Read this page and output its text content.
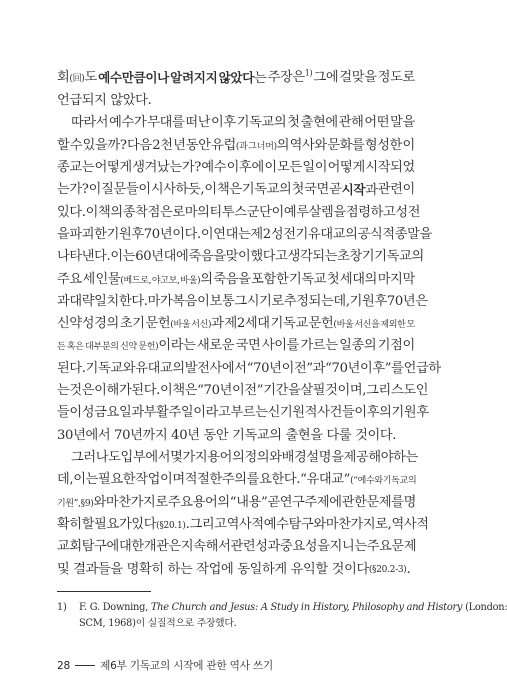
회(回)도 예수만큼이나 알려지지 않았다는 주장은$^{1)}$ 그에 걸맞을 정도로
언급되지 않았다.
따라서 예수가 무대를 떠난 이후 기독교의 첫 출현에 관해 어떤 말을
할 수 있을까? 다음 2천 년 동안 유럽(과 그 너머)의 역사와 문화를 형성한 이
종교는 어떻게 생겨났는가? 예수 이후에 이 모든 일이 어떻게 시작되었
는가? 이 질문들이 시사하듯, 이 책은 기독교의 첫 국면 곧 시작과 관련이
있다. 이 책의 종착점은 로마의 티투스 군단이 예루살렘을 점령하고 성전
을 파괴한 기원후 70년이다. 이 연대는 제2성전기 유대교의 공식적 종말을
나타낸다. 이는 60년대에 죽음을 맞이했다고 생각되는 초창기 기독교의
주요 세 인물(베드로, 야고보, 바울)의 죽음을 포함한 기독교 첫 세대의 마지막
과 대략 일치한다. 마가복음이 보통 그 시기로 추정되는데, 기원후 70년은
신약성경의 초기 문헌(바울 서신)과 제2세대 기독교 문헌(바울 서신을 제외한 모
든 혹은 대부분의 신약 문헌)이라는 새로운 국면 사이를 가르는 일종의 기점이
된다. 기독교와 유대교의 발전사에서 “70년 이전”과 “70년 이후”를 언급하
는 것은 이해가 된다. 이 책은 “70년 이전” 기간을 살필 것이며, 그리스도인
들이 성금요일과 부활주일이라고 부르는 신기원적 사건들 이후의 기원후
30년에서 70년까지 40년 동안 기독교의 출현을 다룰 것이다.
그러나 도입부에서 몇 가지 용어의 정의와 배경 설명을 제공해야 하는
데, 이는 필요한 작업이며 적절한 주의를 요한다. “유대교”(“예수와 기독교의
기원”, §9)와 마찬가지로 주요 용어의 “내용” 곧 연구 주제에 관한 문제를 명
확히 할 필요가 있다(§20.1). 그리고 역사적 예수 탐구와 마찬가지로, 역사적
교회 탐구에 대한 개관은 지속해서 관련성과 중요성을 지니는 주요 문제
및 결과들을 명확히 하는 작업에 동일하게 유익할 것이다 (§20.2-3) .
1) F. G. Downing, The Church and Jesus: A Study in History, Philosophy and History (London:
SCM, 1968)이 실질적으로 주장했다.
28	제6부 기독교의 시작에 관한 역사 쓰기
